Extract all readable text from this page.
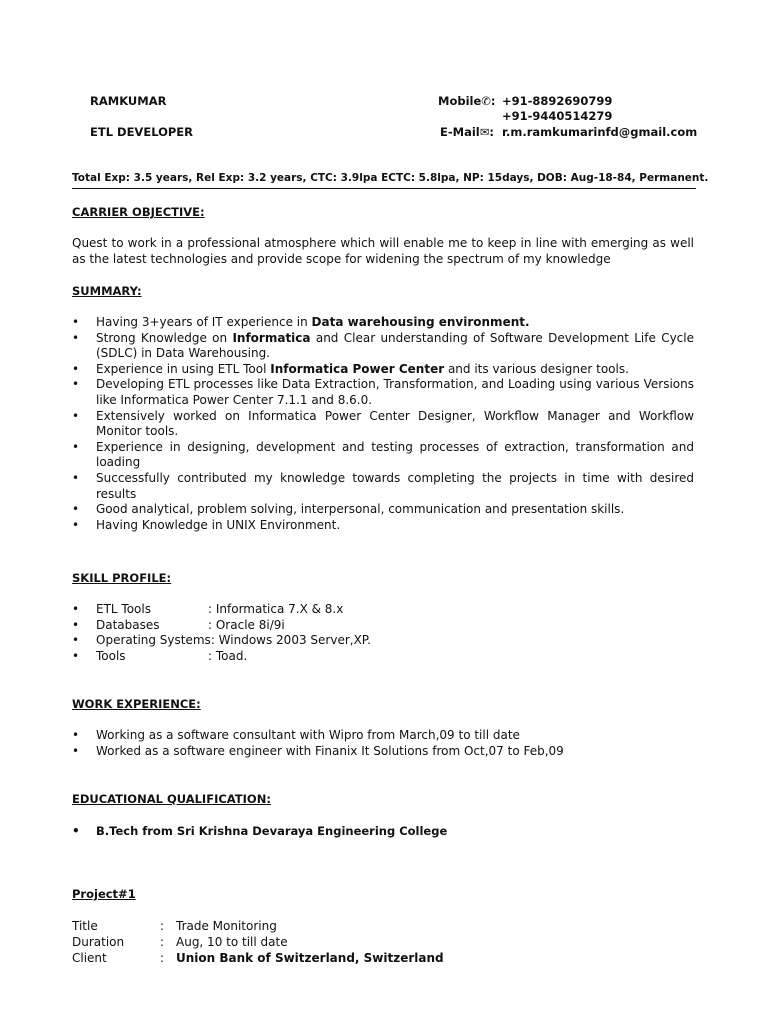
RAMKUMAR
ETL DEVELOPER
Mobile✆: +91-8892690799
+91-9440514279
E-Mail✉: r.m.ramkumarinfd@gmail.com
Total Exp: 3.5 years, Rel Exp: 3.2 years, CTC: 3.9lpa ECTC: 5.8lpa, NP: 15days, DOB: Aug-18-84, Permanent.
CARRIER OBJECTIVE:
Quest to work in a professional atmosphere which will enable me to keep in line with emerging as well as the latest technologies and provide scope for widening the spectrum of my knowledge
SUMMARY:
• Having 3+years of IT experience in Data warehousing environment.
• Strong Knowledge on Informatica and Clear understanding of Software Development Life Cycle (SDLC) in Data Warehousing.
• Experience in using ETL Tool Informatica Power Center and its various designer tools.
• Developing ETL processes like Data Extraction, Transformation, and Loading using various Versions like Informatica Power Center 7.1.1 and 8.6.0.
• Extensively worked on Informatica Power Center Designer, Workflow Manager and Workflow Monitor tools.
• Experience in designing, development and testing processes of extraction, transformation and loading
• Successfully contributed my knowledge towards completing the projects in time with desired results
• Good analytical, problem solving, interpersonal, communication and presentation skills.
• Having Knowledge in UNIX Environment.
SKILL PROFILE:
• ETL Tools	: Informatica 7.X & 8.x
• Databases	: Oracle 8i/9i
• Operating Systems: Windows 2003 Server,XP.
• Tools	: Toad.
WORK EXPERIENCE:
• Working as a software consultant with Wipro from March,09 to till date
• Worked as a software engineer with Finanix It Solutions from Oct,07 to Feb,09
EDUCATIONAL QUALIFICATION:
• B.Tech from Sri Krishna Devaraya Engineering College
Project#1
Title	: Trade Monitoring
Duration	: Aug, 10 to till date
Client	: Union Bank of Switzerland, Switzerland
